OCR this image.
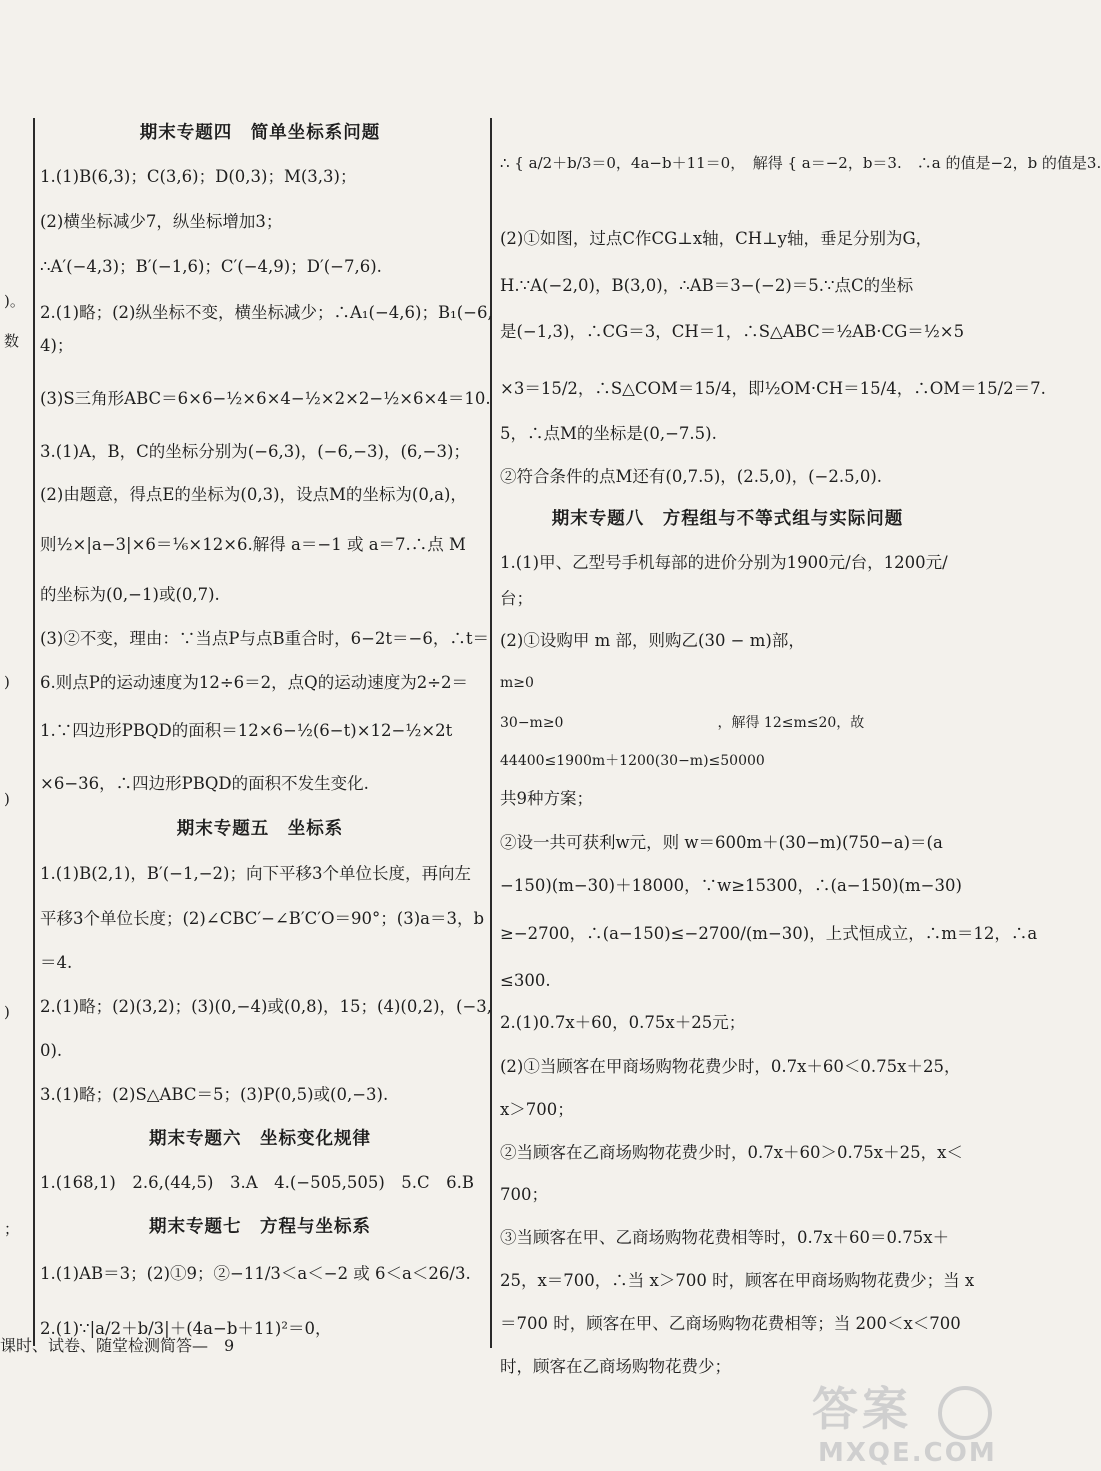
)。
数
)
)
)
；
期末专题四　简单坐标系问题
1.(1)B(6,3)；C(3,6)；D(0,3)；M(3,3)；
(2)横坐标减少7，纵坐标增加3；
∴A′(−4,3)；B′(−1,6)；C′(−4,9)；D′(−7,6).
2.(1)略；(2)纵坐标不变，横坐标减少；∴A₁(−4,6)；B₁(−6,
4)；
(3)S三角形ABC＝6×6−½×6×4−½×2×2−½×6×4＝10.
3.(1)A，B，C的坐标分别为(−6,3)，(−6,−3)，(6,−3)；
(2)由题意，得点E的坐标为(0,3)，设点M的坐标为(0,a)，
则½×|a−3|×6＝⅙×12×6.解得 a＝−1 或 a＝7.∴点 M
的坐标为(0,−1)或(0,7).
(3)②不变，理由：∵当点P与点B重合时，6−2t＝−6，∴t＝
6.则点P的运动速度为12÷6＝2，点Q的运动速度为2÷2＝
1.∵四边形PBQD的面积＝12×6−½(6−t)×12−½×2t
×6−36，∴四边形PBQD的面积不发生变化.
期末专题五　坐标系
1.(1)B(2,1)，B′(−1,−2)；向下平移3个单位长度，再向左
平移3个单位长度；(2)∠CBC′−∠B′C′O＝90°；(3)a＝3，b
＝4.
2.(1)略；(2)(3,2)；(3)(0,−4)或(0,8)，15；(4)(0,2)，(−3,
0).
3.(1)略；(2)S△ABC＝5；(3)P(0,5)或(0,−3).
期末专题六　坐标变化规律
1.(168,1)　2.6,(44,5)　3.A　4.(−505,505)　5.C　6.B
期末专题七　方程与坐标系
1.(1)AB＝3；(2)①9；②−11/3＜a＜−2 或 6＜a＜26/3.
2.(1)∵|a/2＋b/3|＋(4a−b＋11)²＝0，
课时、试卷、随堂检测简答—　9
∴ { a/2＋b/3＝0，4a−b＋11＝0，　解得 { a＝−2，b＝3.　∴a 的值是−2，b 的值是3.
(2)①如图，过点C作CG⊥x轴，CH⊥y轴，垂足分别为G，
H.∵A(−2,0)，B(3,0)，∴AB＝3−(−2)＝5.∵点C的坐标
是(−1,3)，∴CG＝3，CH＝1，∴S△ABC＝½AB·CG＝½×5
×3＝15/2，∴S△COM＝15/4，即½OM·CH＝15/4，∴OM＝15/2＝7.
5，∴点M的坐标是(0,−7.5).
②符合条件的点M还有(0,7.5)，(2.5,0)，(−2.5,0).
期末专题八　方程组与不等式组与实际问题
1.(1)甲、乙型号手机每部的进价分别为1900元/台，1200元/
台；
(2)①设购甲 m 部，则购乙(30 − m)部，
m≥0
30−m≥0　　　　　　　　　　　，解得 12≤m≤20，故
44400≤1900m＋1200(30−m)≤50000
共9种方案；
②设一共可获利w元，则 w＝600m＋(30−m)(750−a)＝(a
−150)(m−30)＋18000，∵w≥15300，∴(a−150)(m−30)
≥−2700，∴(a−150)≤−2700/(m−30)，上式恒成立，∴m＝12，∴a
≤300.
2.(1)0.7x＋60，0.75x＋25元；
(2)①当顾客在甲商场购物花费少时，0.7x＋60＜0.75x＋25，
x＞700；
②当顾客在乙商场购物花费少时，0.7x＋60＞0.75x＋25，x＜
700；
③当顾客在甲、乙商场购物花费相等时，0.7x＋60＝0.75x＋
25，x＝700，∴当 x＞700 时，顾客在甲商场购物花费少；当 x
＝700 时，顾客在甲、乙商场购物花费相等；当 200＜x＜700
时，顾客在乙商场购物花费少；
答案
MXQE.COM
